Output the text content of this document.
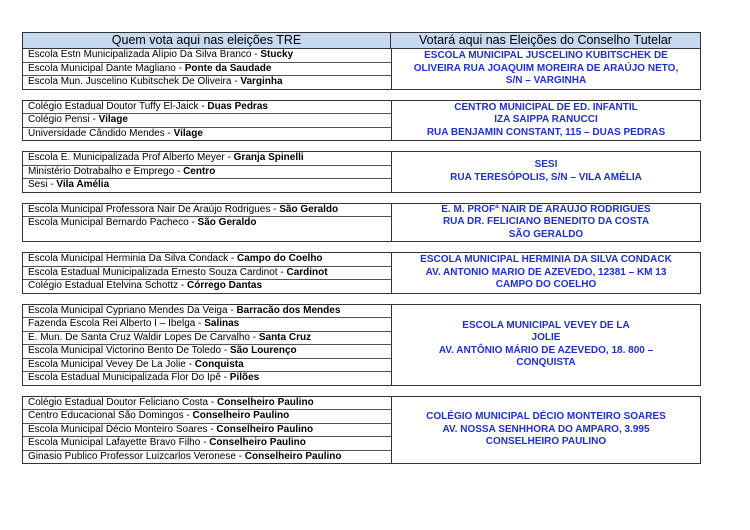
Quem vota aqui nas eleições TRE	Votará aqui nas Eleições do Conselho Tutelar
Escola Estn Municipalizada Alípio Da Silva Branco - Stucky
Escola Municipal Dante Magliano - Ponte da Saudade
Escola Mun. Juscelino Kubitschek De Oliveira - Varginha
ESCOLA MUNICIPAL JUSCELINO KUBITSCHEK DE
OLIVEIRA RUA JOAQUIM MOREIRA DE ARAÚJO NETO,
S/N – VARGINHA
Colégio Estadual Doutor Tuffy El-Jaick - Duas Pedras
Colégio Pensi - Vilage
Universidade Cândido Mendes - Vilage
CENTRO MUNICIPAL DE ED. INFANTIL
IZA SAIPPA RANUCCI
RUA BENJAMIN CONSTANT, 115 – DUAS PEDRAS
Escola E. Municipalizada Prof Alberto Meyer - Granja Spinelli
Ministério Dotrabalho e Emprego - Centro
Sesi - Vila Amélia
SESI
RUA TERESÓPOLIS, S/N – VILA AMÉLIA
Escola Municipal Professora Nair De Araújo Rodrigues - São Geraldo
Escola Municipal Bernardo Pacheco - São Geraldo
E. M. PROFª NAIR DE ARAÚJO RODRIGUES
RUA DR. FELICIANO BENEDITO DA COSTA
SÃO GERALDO
Escola Municipal Herminia Da Silva Condack - Campo do Coelho
Escola Estadual Municipalizada Ernesto Souza Cardinot - Cardinot
Colégio Estadual Etelvina Schottz - Córrego Dantas
ESCOLA MUNICIPAL HERMINIA DA SILVA CONDACK
AV. ANTONIO MARIO DE AZEVEDO, 12381 – KM 13
CAMPO DO COELHO
Escola Municipal Cypriano Mendes Da Veiga - Barracão dos Mendes
Fazenda Escola Rei Alberto I – Ibelga - Salinas
E. Mun. De Santa Cruz Waldir Lopes De Carvalho - Santa Cruz
Escola Municipal Victorino Bento De Toledo - São Lourenço
Escola Municipal Vevey De La Jolie - Conquista
Escola Estadual Municipalizada Flor Do Ipê - Pilões
ESCOLA MUNICIPAL VEVEY DE LA
JOLIE
AV. ANTÔNIO MÁRIO DE AZEVEDO, 18. 800 –
CONQUISTA
Colégio Estadual Doutor Feliciano Costa - Conselheiro Paulino
Centro Educacional São Domingos - Conselheiro Paulino
Escola Municipal Décio Monteiro Soares - Conselheiro Paulino
Escola Municipal Lafayette Bravo Filho - Conselheiro Paulino
Ginasio Publico Professor Luizcarlos Veronese - Conselheiro Paulino
COLÉGIO MUNICIPAL DÉCIO MONTEIRO SOARES
AV. NOSSA SENHHORA DO AMPARO, 3.995
CONSELHEIRO PAULINO
